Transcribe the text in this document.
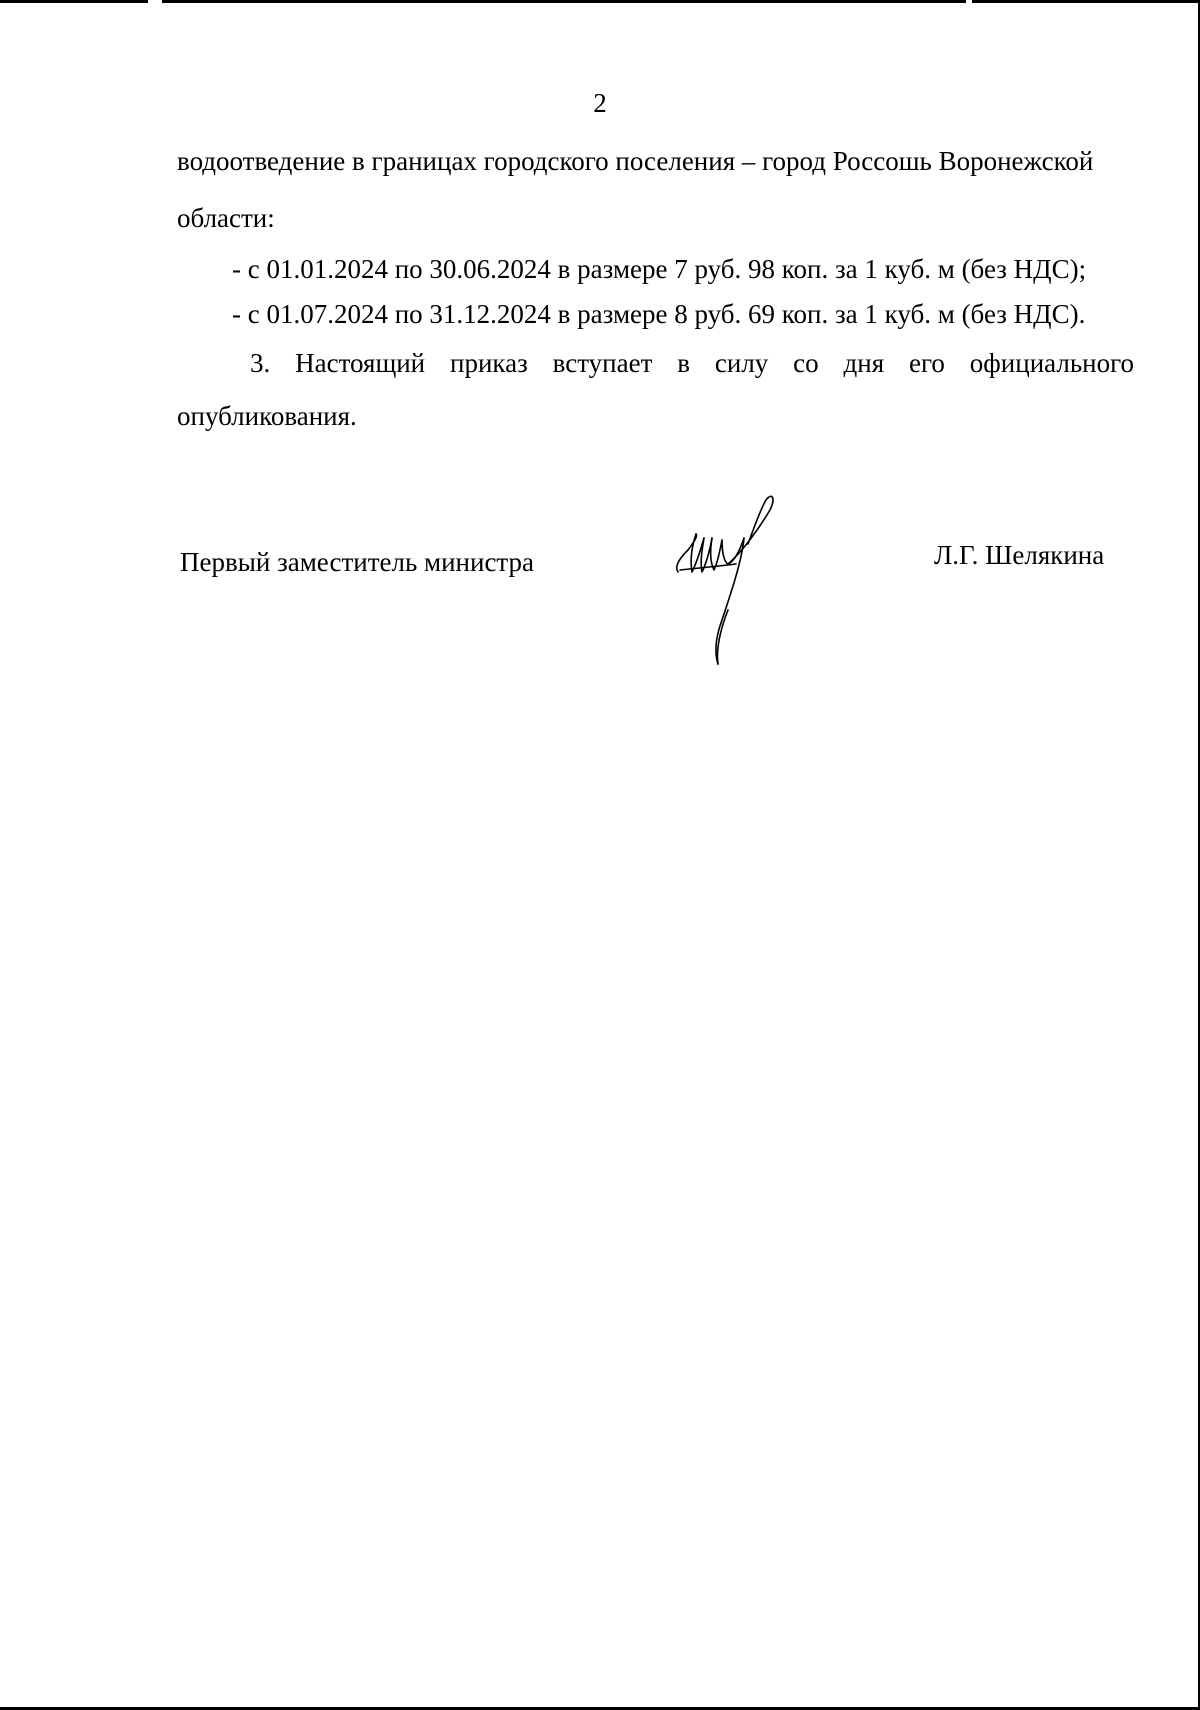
2
водоотведение в границах городского поселения – город Россошь Воронежской
области:
- с 01.01.2024 по 30.06.2024 в размере 7 руб. 98 коп. за 1 куб. м (без НДС);
- с 01.07.2024 по 31.12.2024 в размере 8 руб. 69 коп. за 1 куб. м (без НДС).
3. Настоящий приказ вступает в силу со дня его официального
опубликования.
Первый заместитель министра	Л.Г. Шелякина
